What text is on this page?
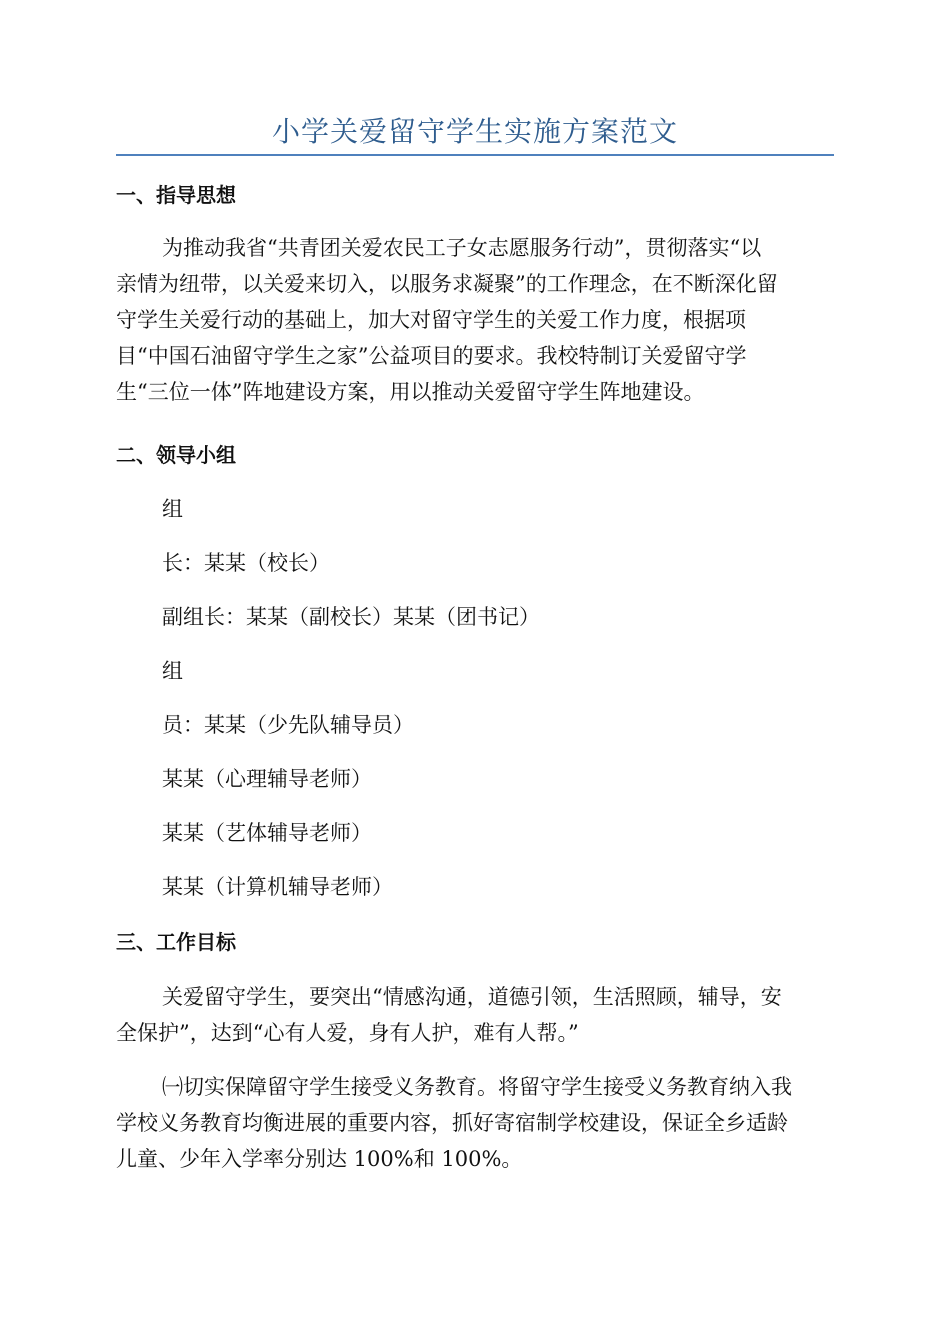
小学关爱留守学生实施方案范文
一、指导思想
为推动我省“共青团关爱农民工子女志愿服务行动”，贯彻落实“以
亲情为纽带，以关爱来切入，以服务求凝聚”的工作理念，在不断深化留
守学生关爱行动的基础上，加大对留守学生的关爱工作力度，根据项
目“中国石油留守学生之家”公益项目的要求。我校特制订关爱留守学
生“三位一体”阵地建设方案，用以推动关爱留守学生阵地建设。
二、领导小组
组
长：某某（校长）
副组长：某某（副校长）某某（团书记）
组
员：某某（少先队辅导员）
某某（心理辅导老师）
某某（艺体辅导老师）
某某（计算机辅导老师）
三、工作目标
关爱留守学生，要突出“情感沟通，道德引领，生活照顾，辅导，安
全保护”，达到“心有人爱，身有人护，难有人帮。”
㈠切实保障留守学生接受义务教育。将留守学生接受义务教育纳入我
学校义务教育均衡进展的重要内容，抓好寄宿制学校建设，保证全乡适龄
儿童、少年入学率分别达 100%和 100%。
